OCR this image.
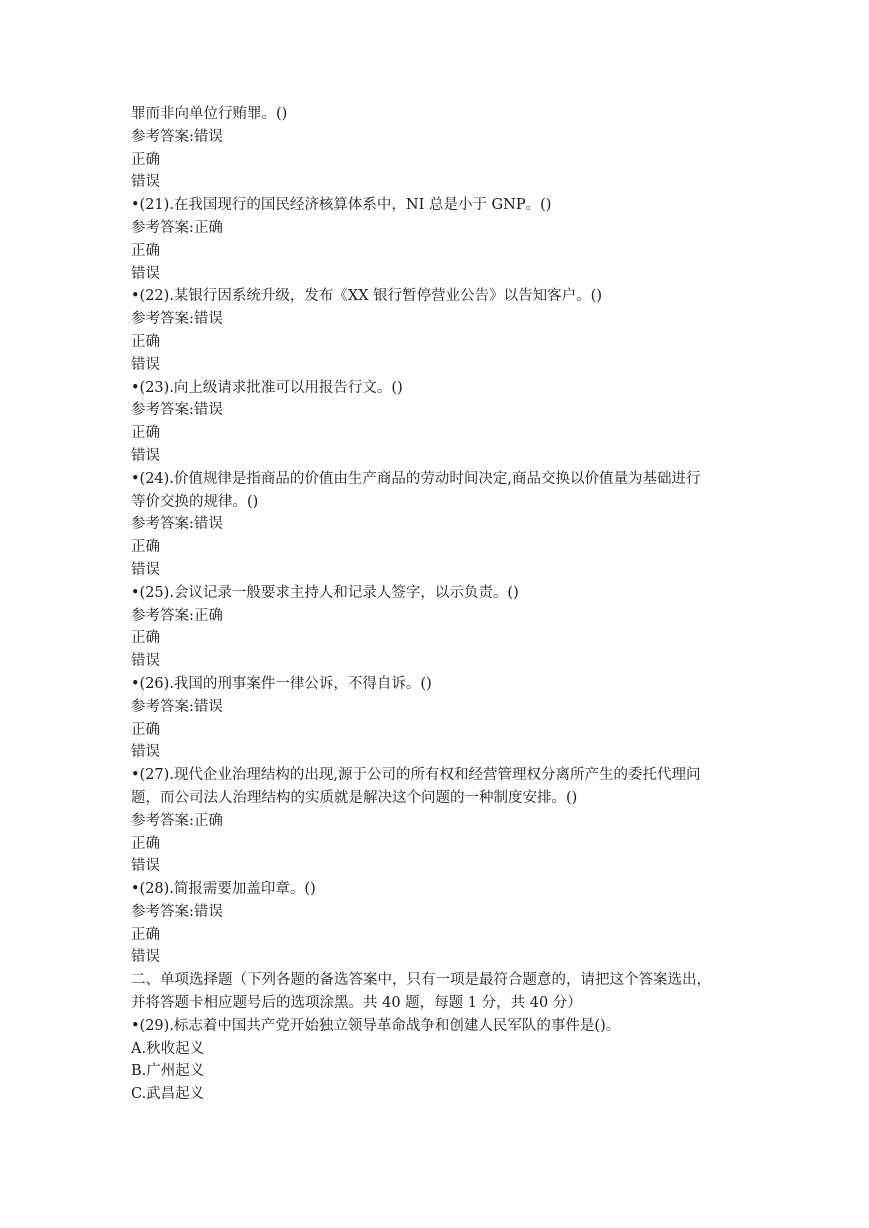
罪而非向单位行贿罪。()
参考答案:错误
正确
错误
•(21).在我国现行的国民经济核算体系中，NI 总是小于 GNP。()
参考答案:正确
正确
错误
•(22).某银行因系统升级，发布《XX 银行暂停营业公告》以告知客户。()
参考答案:错误
正确
错误
•(23).向上级请求批准可以用报告行文。()
参考答案:错误
正确
错误
•(24).价值规律是指商品的价值由生产商品的劳动时间决定,商品交换以价值量为基础进行
等价交换的规律。()
参考答案:错误
正确
错误
•(25).会议记录一般要求主持人和记录人签字，以示负责。()
参考答案:正确
正确
错误
•(26).我国的刑事案件一律公诉，不得自诉。()
参考答案:错误
正确
错误
•(27).现代企业治理结构的出现,源于公司的所有权和经营管理权分离所产生的委托代理问
题，而公司法人治理结构的实质就是解决这个问题的一种制度安排。()
参考答案:正确
正确
错误
•(28).简报需要加盖印章。()
参考答案:错误
正确
错误
二、单项选择题（下列各题的备选答案中，只有一项是最符合题意的，请把这个答案选出，
并将答题卡相应题号后的选项涂黑。共 40 题，每题 1 分，共 40 分）
•(29).标志着中国共产党开始独立领导革命战争和创建人民军队的事件是()。
A.秋收起义
B.广州起义
C.武昌起义
